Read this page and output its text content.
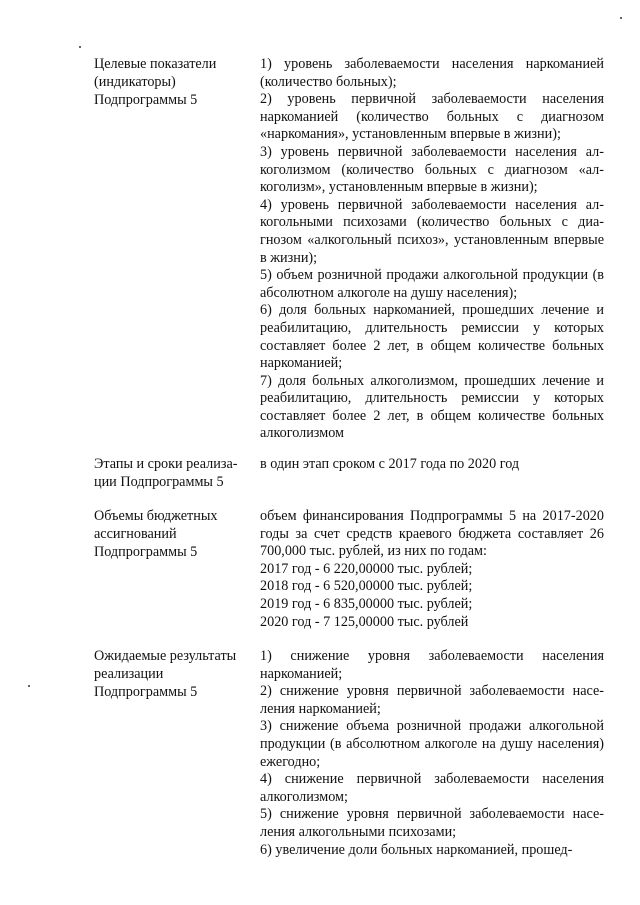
Целевые показатели
(индикаторы)
Подпрограммы 5

1) уровень заболеваемости населения наркоманией (количество больных);

2) уровень первичной заболеваемости населения наркоманией (количество больных с диагнозом «наркомания», установленным впервые в жизни);

3) уровень первичной заболеваемости населения алкоголизмом (количество больных с диагнозом «алкоголизм», установленным впервые в жизни);

4) уровень первичной заболеваемости населения алкогольными психозами (количество больных с диагнозом «алкогольный психоз», установленным впервые в жизни);

5) объем розничной продажи алкогольной продукции (в абсолютном алкоголе на душу населения);

6) доля больных наркоманией, прошедших лечение и реабилитацию, длительность ремиссии у которых составляет более 2 лет, в общем количестве больных наркоманией;

7) доля больных алкоголизмом, прошедших лечение и реабилитацию, длительность ремиссии у которых составляет более 2 лет, в общем количестве больных алкоголизмом

Этапы и сроки реализа-
ции Подпрограммы 5

в один этап сроком с 2017 года по 2020 год

Объемы бюджетных
ассигнований
Подпрограммы 5

объем финансирования Подпрограммы 5 на 2017-2020 годы за счет средств краевого бюджета составляет 26 700,000 тыс. рублей, из них по годам:

2017 год - 6 220,00000 тыс. рублей;

2018 год - 6 520,00000 тыс. рублей;

2019 год - 6 835,00000 тыс. рублей;

2020 год - 7 125,00000 тыс. рублей

Ожидаемые результаты
реализации
Подпрограммы 5

1) снижение уровня заболеваемости населения наркоманией;

2) снижение уровня первичной заболеваемости населения наркоманией;

3) снижение объема розничной продажи алкогольной продукции (в абсолютном алкоголе на душу населения) ежегодно;

4) снижение первичной заболеваемости населения алкоголизмом;

5) снижение уровня первичной заболеваемости населения алкогольными психозами;

6) увеличение доли больных наркоманией, прошед-
